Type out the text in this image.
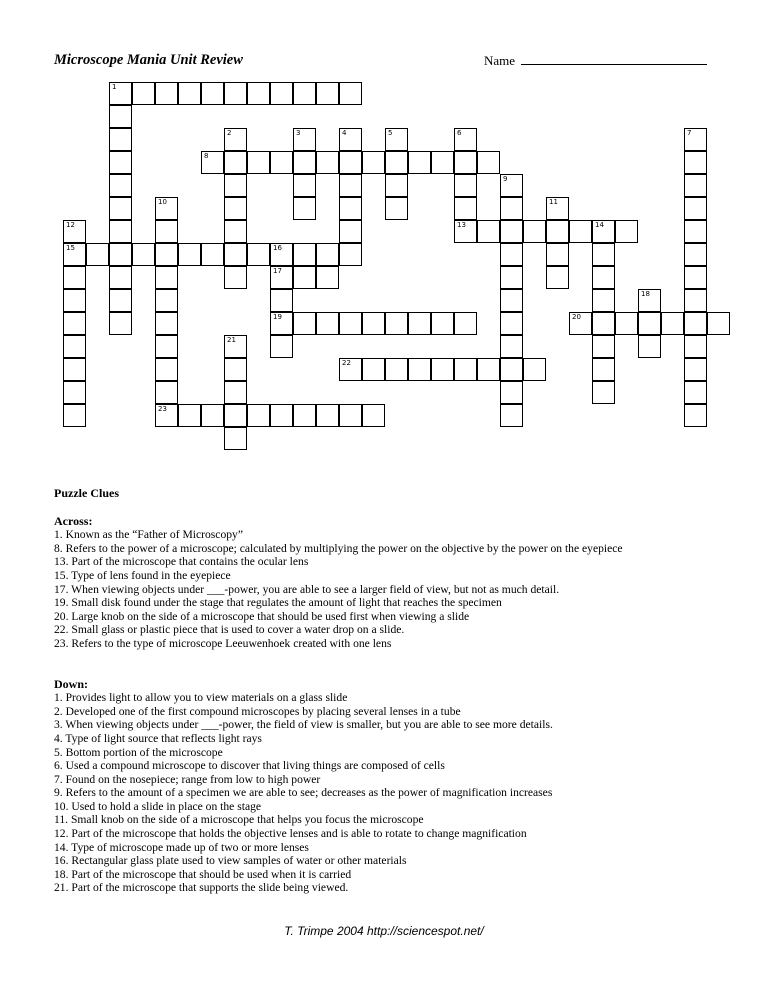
Microscope Mania Unit Review	Name
1
2	3	4	5	6
13
7
8
9
10
23
11
12
15
14
16
17
19
18
20
21
22
Puzzle Clues
Across:
1. Known as the “Father of Microscopy”
8. Refers to the power of a microscope; calculated by multiplying the power on the objective by the power on the eyepiece
13. Part of the microscope that contains the ocular lens
15. Type of lens found in the eyepiece
17. When viewing objects under ___-power, you are able to see a larger field of view, but not as much detail.
19. Small disk found under the stage that regulates the amount of light that reaches the specimen
20. Large knob on the side of a microscope that should be used first when viewing a slide
22. Small glass or plastic piece that is used to cover a water drop on a slide.
23. Refers to the type of microscope Leeuwenhoek created with one lens
Down:
1. Provides light to allow you to view materials on a glass slide
2. Developed one of the first compound microscopes by placing several lenses in a tube
3. When viewing objects under ___-power, the field of view is smaller, but you are able to see more details.
4. Type of light source that reflects light rays
5. Bottom portion of the microscope
6. Used a compound microscope to discover that living things are composed of cells
7. Found on the nosepiece; range from low to high power
9. Refers to the amount of a specimen we are able to see; decreases as the power of magnification increases
10. Used to hold a slide in place on the stage
11. Small knob on the side of a microscope that helps you focus the microscope
12. Part of the microscope that holds the objective lenses and is able to rotate to change magnification
14. Type of microscope made up of two or more lenses
16. Rectangular glass plate used to view samples of water or other materials
18. Part of the microscope that should be used when it is carried
21. Part of the microscope that supports the slide being viewed.
T. Trimpe 2004 http://sciencespot.net/
